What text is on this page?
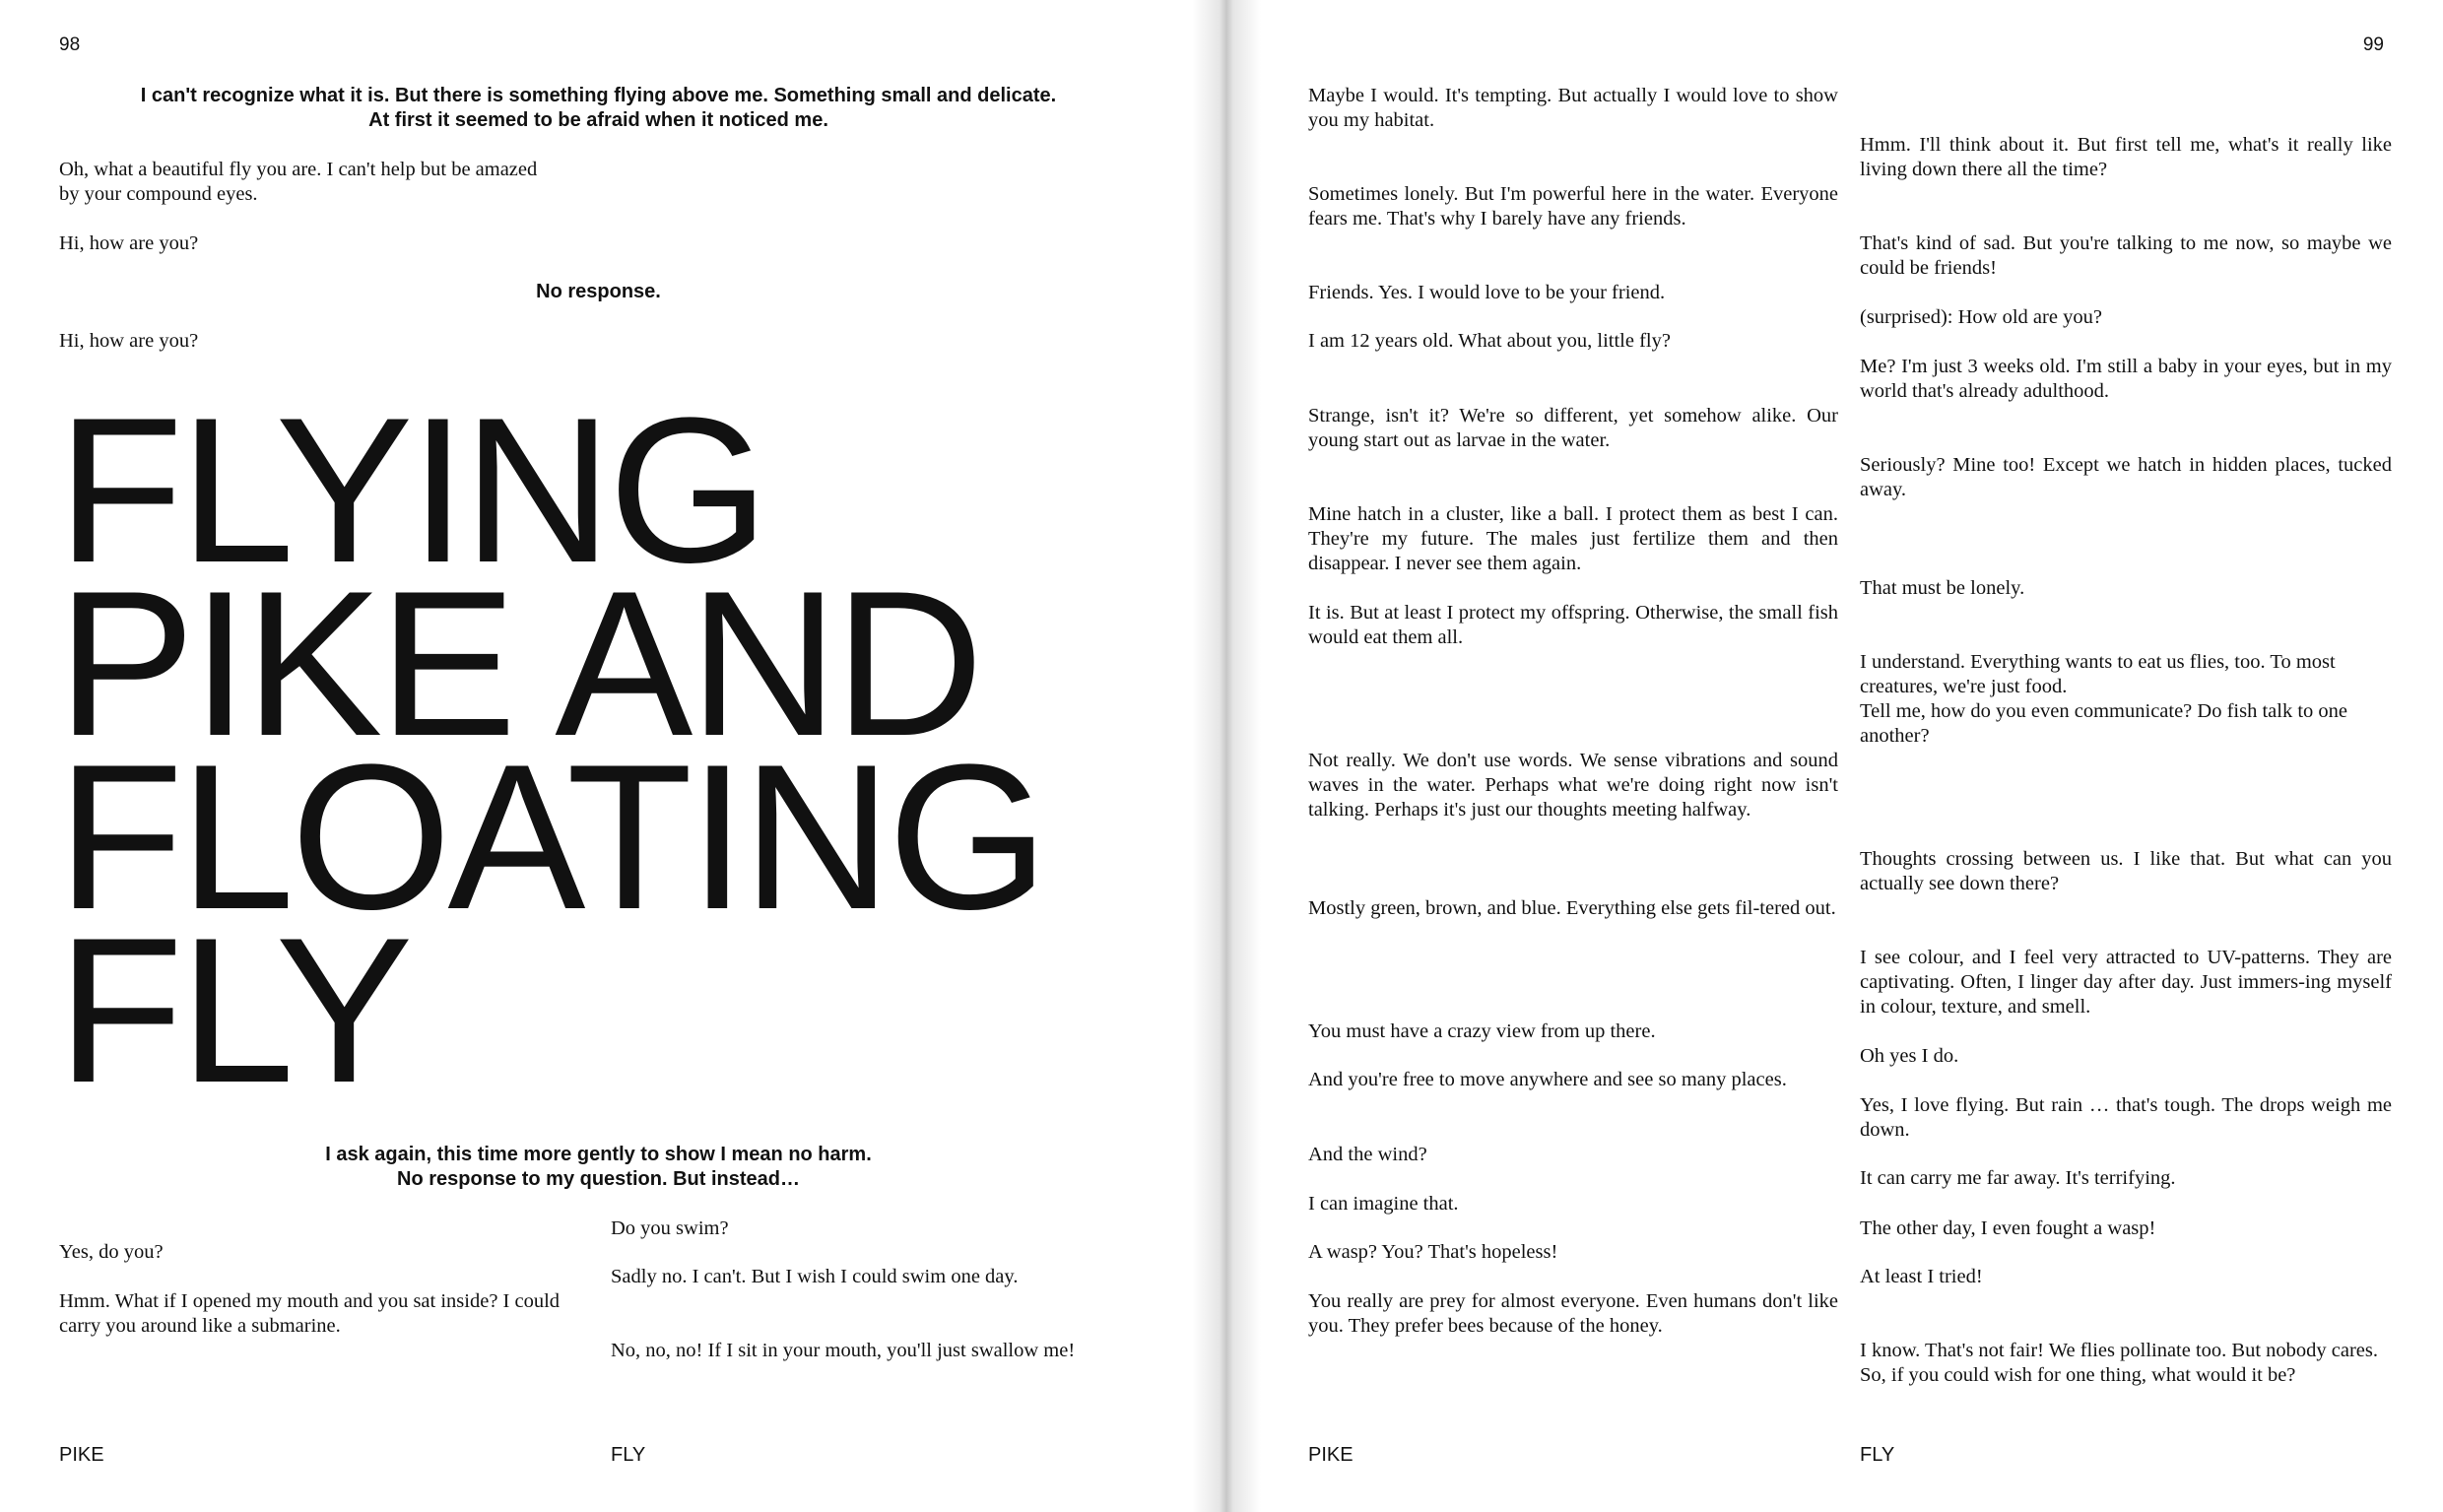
98
I can't recognize what it is. But there is something flying above me. Something small and delicate.
At first it seemed to be afraid when it noticed me.
Oh, what a beautiful fly you are. I can't help but be amazed
by your compound eyes.
Hi, how are you?
No response.
Hi, how are you?
FLYING
PIKE AND
FLOATING
FLY
I ask again, this time more gently to show I mean no harm.
No response to my question. But instead…
Do you swim?
Yes, do you?
Sadly no. I can't. But I wish I could swim one day.
Hmm. What if I opened my mouth and you sat inside? I could carry you around like a submarine.
No, no, no! If I sit in your mouth, you'll just swallow me!
PIKE	FLY
99
Maybe I would. It's tempting. But actually I would love to show you my habitat.
Sometimes lonely. But I'm powerful here in the water. Everyone fears me. That's why I barely have any friends.
Friends. Yes. I would love to be your friend.
I am 12 years old. What about you, little fly?
Strange, isn't it? We're so different, yet somehow alike. Our young start out as larvae in the water.
Mine hatch in a cluster, like a ball. I protect them as best I can. They're my future. The males just fertilize them and then disappear. I never see them again.
It is. But at least I protect my offspring. Otherwise, the small fish would eat them all.
Not really. We don't use words. We sense vibrations and sound waves in the water. Perhaps what we're doing right now isn't talking. Perhaps it's just our thoughts meeting halfway.
Mostly green, brown, and blue. Everything else gets fil-tered out.
You must have a crazy view from up there.
And you're free to move anywhere and see so many places.
And the wind?
I can imagine that.
A wasp? You? That's hopeless!
You really are prey for almost everyone. Even humans don't like you. They prefer bees because of the honey.
Hmm. I'll think about it. But first tell me, what's it really like living down there all the time?
That's kind of sad. But you're talking to me now, so maybe we could be friends!
(surprised): How old are you?
Me? I'm just 3 weeks old. I'm still a baby in your eyes, but in my world that's already adulthood.
Seriously? Mine too! Except we hatch in hidden places, tucked away.
That must be lonely.
I understand. Everything wants to eat us flies, too. To most creatures, we're just food.
Tell me, how do you even communicate? Do fish talk to one another?
Thoughts crossing between us. I like that. But what can you actually see down there?
I see colour, and I feel very attracted to UV-patterns. They are captivating. Often, I linger day after day. Just immers-ing myself in colour, texture, and smell.
Oh yes I do.
Yes, I love flying. But rain … that's tough. The drops weigh me down.
It can carry me far away. It's terrifying.
The other day, I even fought a wasp!
At least I tried!
I know. That's not fair! We flies pollinate too. But nobody cares. So, if you could wish for one thing, what would it be?
PIKE	FLY
